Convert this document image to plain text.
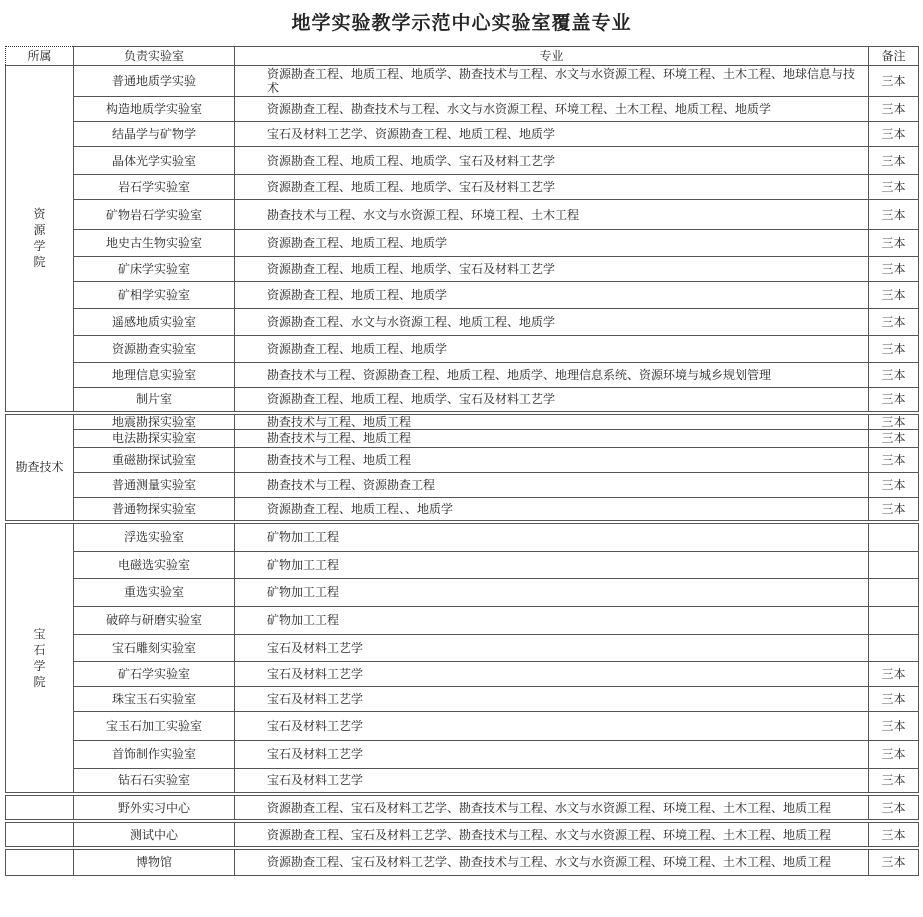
地学实验教学示范中心实验室覆盖专业
所属	负责实验室	专业	备注
资源学院	普通地质学实验	资源勘查工程、地质工程、地质学、勘查技术与工程、水文与水资源工程、环境工程、土木工程、地球信息与技术	三本
	构造地质学实验室	资源勘查工程、勘查技术与工程、水文与水资源工程、环境工程、土木工程、地质工程、地质学	三本
	结晶学与矿物学	宝石及材料工艺学、资源勘查工程、地质工程、地质学	三本
	晶体光学实验室	资源勘查工程、地质工程、地质学、宝石及材料工艺学	三本
	岩石学实验室	资源勘查工程、地质工程、地质学、宝石及材料工艺学	三本
	矿物岩石学实验室	勘查技术与工程、水文与水资源工程、环境工程、土木工程	三本
	地史古生物实验室	资源勘查工程、地质工程、地质学	三本
	矿床学实验室	资源勘查工程、地质工程、地质学、宝石及材料工艺学	三本
	矿相学实验室	资源勘查工程、地质工程、地质学	三本
	遥感地质实验室	资源勘查工程、水文与水资源工程、地质工程、地质学	三本
	资源勘查实验室	资源勘查工程、地质工程、地质学	三本
	地理信息实验室	勘查技术与工程、资源勘查工程、地质工程、地质学、地理信息系统、资源环境与城乡规划管理	三本
	制片室	资源勘查工程、地质工程、地质学、宝石及材料工艺学	三本
勘查技术	地震勘探实验室	勘查技术与工程、地质工程	三本
	电法勘探实验室	勘查技术与工程、地质工程	三本
	重磁勘探试验室	勘查技术与工程、地质工程	三本
	普通测量实验室	勘查技术与工程、资源勘查工程	三本
	普通物探实验室	资源勘查工程、地质工程、、地质学	三本
宝石学院	浮选实验室	矿物加工工程	
	电磁选实验室	矿物加工工程	
	重选实验室	矿物加工工程	
	破碎与研磨实验室	矿物加工工程	
	宝石雕刻实验室	宝石及材料工艺学	
	矿石学实验室	宝石及材料工艺学	三本
	珠宝玉石实验室	宝石及材料工艺学	三本
	宝玉石加工实验室	宝石及材料工艺学	三本
	首饰制作实验室	宝石及材料工艺学	三本
	钻石石实验室	宝石及材料工艺学	三本
	野外实习中心	资源勘查工程、宝石及材料工艺学、勘查技术与工程、水文与水资源工程、环境工程、土木工程、地质工程	三本
	测试中心	资源勘查工程、宝石及材料工艺学、勘查技术与工程、水文与水资源工程、环境工程、土木工程、地质工程	三本
	博物馆	资源勘查工程、宝石及材料工艺学、勘查技术与工程、水文与水资源工程、环境工程、土木工程、地质工程	三本
